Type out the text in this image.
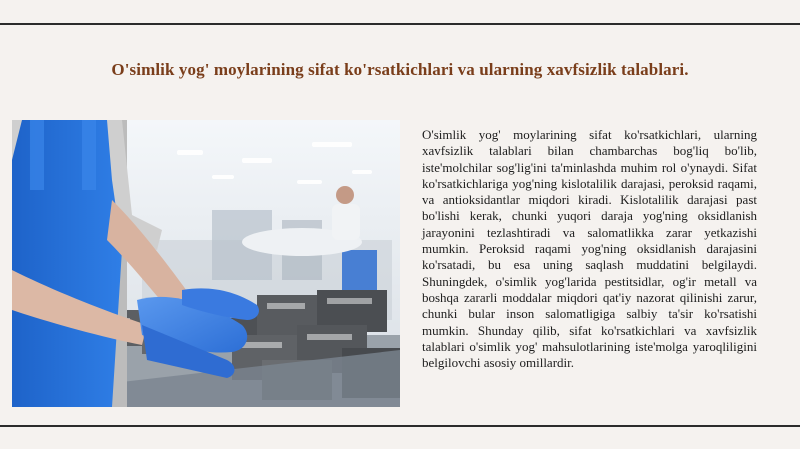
O'simlik yog' moylarining sifat ko'rsatkichlari va ularning xavfsizlik talablari.
O'simlik yog' moylarining sifat ko'rsatkichlari, ularning xavfsizlik talablari bilan chambarchas bog'liq bo'lib, iste'molchilar sog'lig'ini ta'minlashda muhim rol o'ynaydi. Sifat ko'rsatkichlariga yog'ning kislotalilik darajasi, peroksid raqami, va antioksidantlar miqdori kiradi. Kislotalilik darajasi past bo'lishi kerak, chunki yuqori daraja yog'ning oksidlanish jarayonini tezlashtiradi va salomatlikka zarar yetkazishi mumkin. Peroksid raqami yog'ning oksidlanish darajasini ko'rsatadi, bu esa uning saqlash muddatini belgilaydi. Shuningdek, o'simlik yog'larida pestitsidlar, og'ir metall va boshqa zararli moddalar miqdori qat'iy nazorat qilinishi zarur, chunki bular inson salomatligiga salbiy ta'sir ko'rsatishi mumkin. Shunday qilib, sifat ko'rsatkichlari va xavfsizlik talablari o'simlik yog' mahsulotlarining iste'molga yaroqliligini belgilovchi asosiy omillardir.
